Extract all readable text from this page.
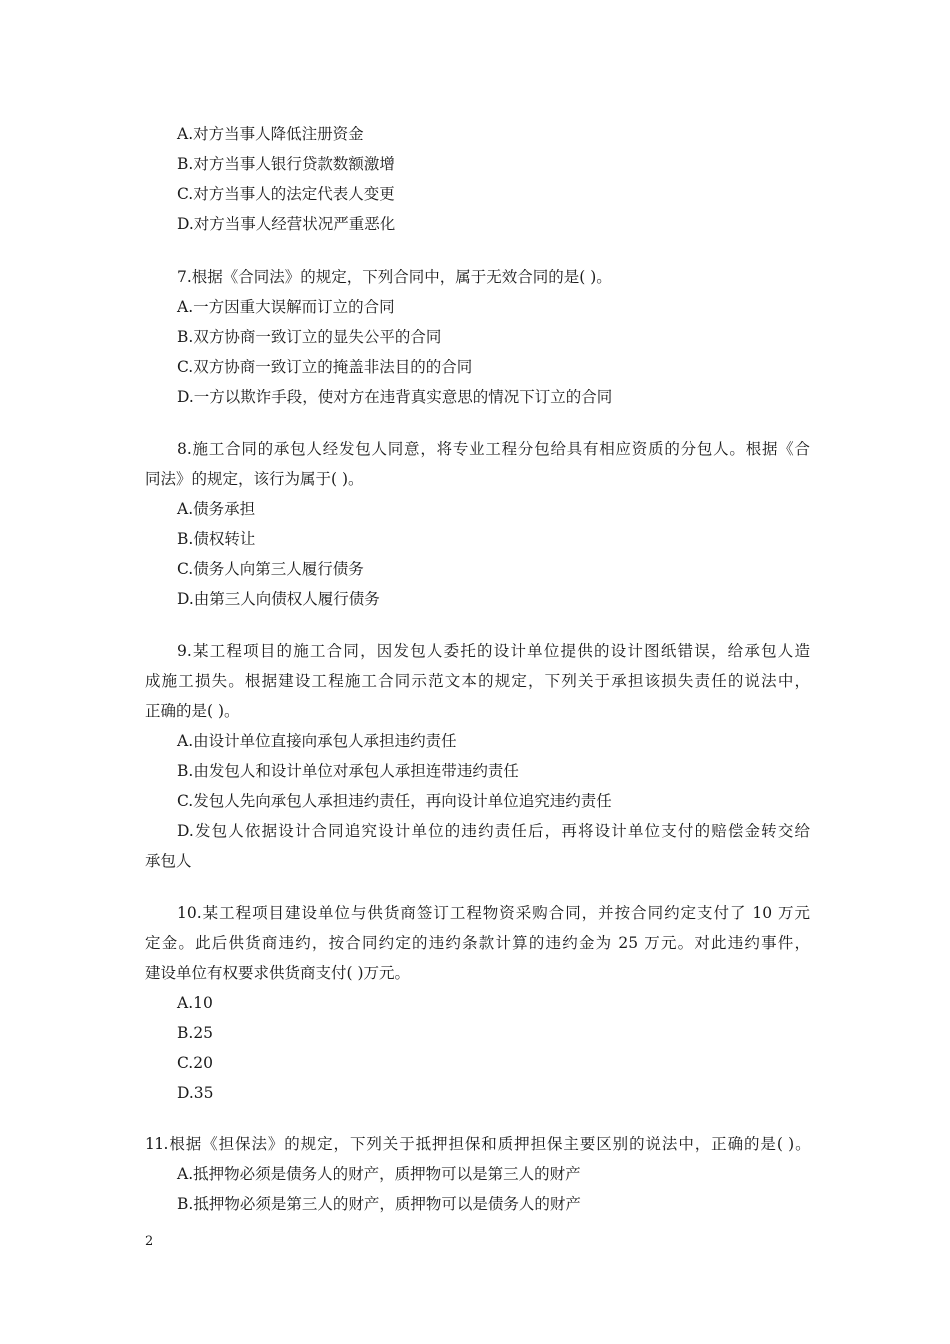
A.对方当事人降低注册资金
B.对方当事人银行贷款数额激增
C.对方当事人的法定代表人变更
D.对方当事人经营状况严重恶化
7.根据《合同法》的规定，下列合同中，属于无效合同的是( )。
A.一方因重大误解而订立的合同
B.双方协商一致订立的显失公平的合同
C.双方协商一致订立的掩盖非法目的的合同
D.一方以欺诈手段，使对方在违背真实意思的情况下订立的合同
8.施工合同的承包人经发包人同意，将专业工程分包给具有相应资质的分包人。根据《合
同法》的规定，该行为属于( )。
A.债务承担
B.债权转让
C.债务人向第三人履行债务
D.由第三人向债权人履行债务
9.某工程项目的施工合同，因发包人委托的设计单位提供的设计图纸错误，给承包人造
成施工损失。根据建设工程施工合同示范文本的规定，下列关于承担该损失责任的说法中，
正确的是( )。
A.由设计单位直接向承包人承担违约责任
B.由发包人和设计单位对承包人承担连带违约责任
C.发包人先向承包人承担违约责任，再向设计单位追究违约责任
D.发包人依据设计合同追究设计单位的违约责任后，再将设计单位支付的赔偿金转交给
承包人
10.某工程项目建设单位与供货商签订工程物资采购合同，并按合同约定支付了 10 万元
定金。此后供货商违约，按合同约定的违约条款计算的违约金为 25 万元。对此违约事件，
建设单位有权要求供货商支付( )万元。
A.10
B.25
C.20
D.35
11.根据《担保法》的规定，下列关于抵押担保和质押担保主要区别的说法中，正确的是( )。
A.抵押物必须是债务人的财产，质押物可以是第三人的财产
B.抵押物必须是第三人的财产，质押物可以是债务人的财产
2
